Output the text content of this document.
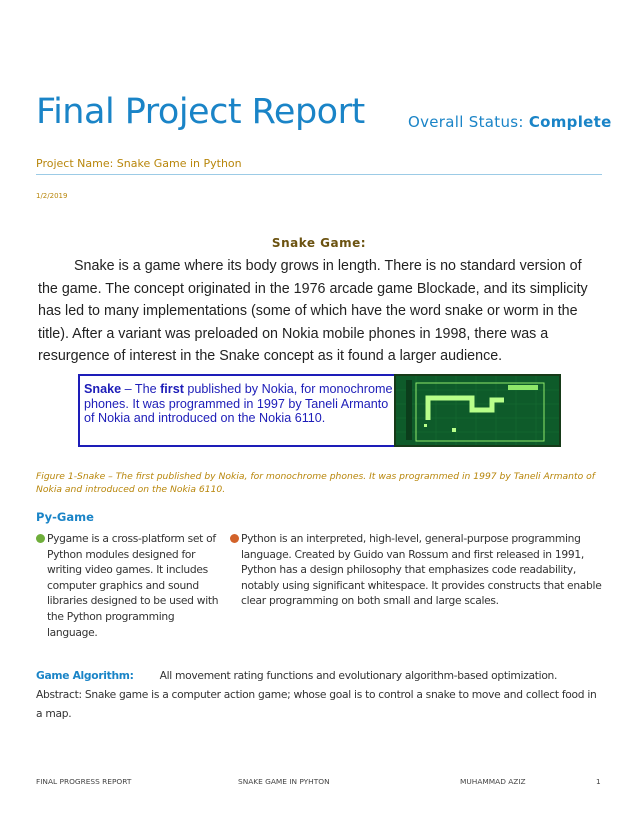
Final Project Report	Overall Status: Complete
Project Name: Snake Game in Python
1/2/2019
Snake Game:

Snake is a game where its body grows in length. There is no standard version of the game. The concept originated in the 1976 arcade game Blockade, and its simplicity has led to many implementations (some of which have the word snake or worm in the title). After a variant was preloaded on Nokia mobile phones in 1998, there was a resurgence of interest in the Snake concept as it found a larger audience.

Snake – The first published by Nokia, for monochrome phones. It was programmed in 1997 by Taneli Armanto of Nokia and introduced on the Nokia 6110.
Figure 1-Snake – The first published by Nokia, for monochrome phones. It was programmed in 1997 by Taneli Armanto of Nokia and introduced on the Nokia 6110.
Py-Game
Pygame is a cross-platform set of
Python modules designed for writing video games. It includes computer graphics and sound libraries designed to be used with the Python programming language.
Python is an interpreted, high-level, general-purpose programming
language. Created by Guido van Rossum and first released in 1991, Python has a design philosophy that emphasizes code readability, notably using significant whitespace. It provides constructs that enable clear programming on both small and large scales.
Game Algorithm: All movement rating functions and evolutionary algorithm-based optimization. Abstract: Snake game is a computer action game; whose goal is to control a snake to move and collect food in a map.
FINAL PROGRESS REPORT	SNAKE GAME IN PYHTON	MUHAMMAD AZIZ	1
